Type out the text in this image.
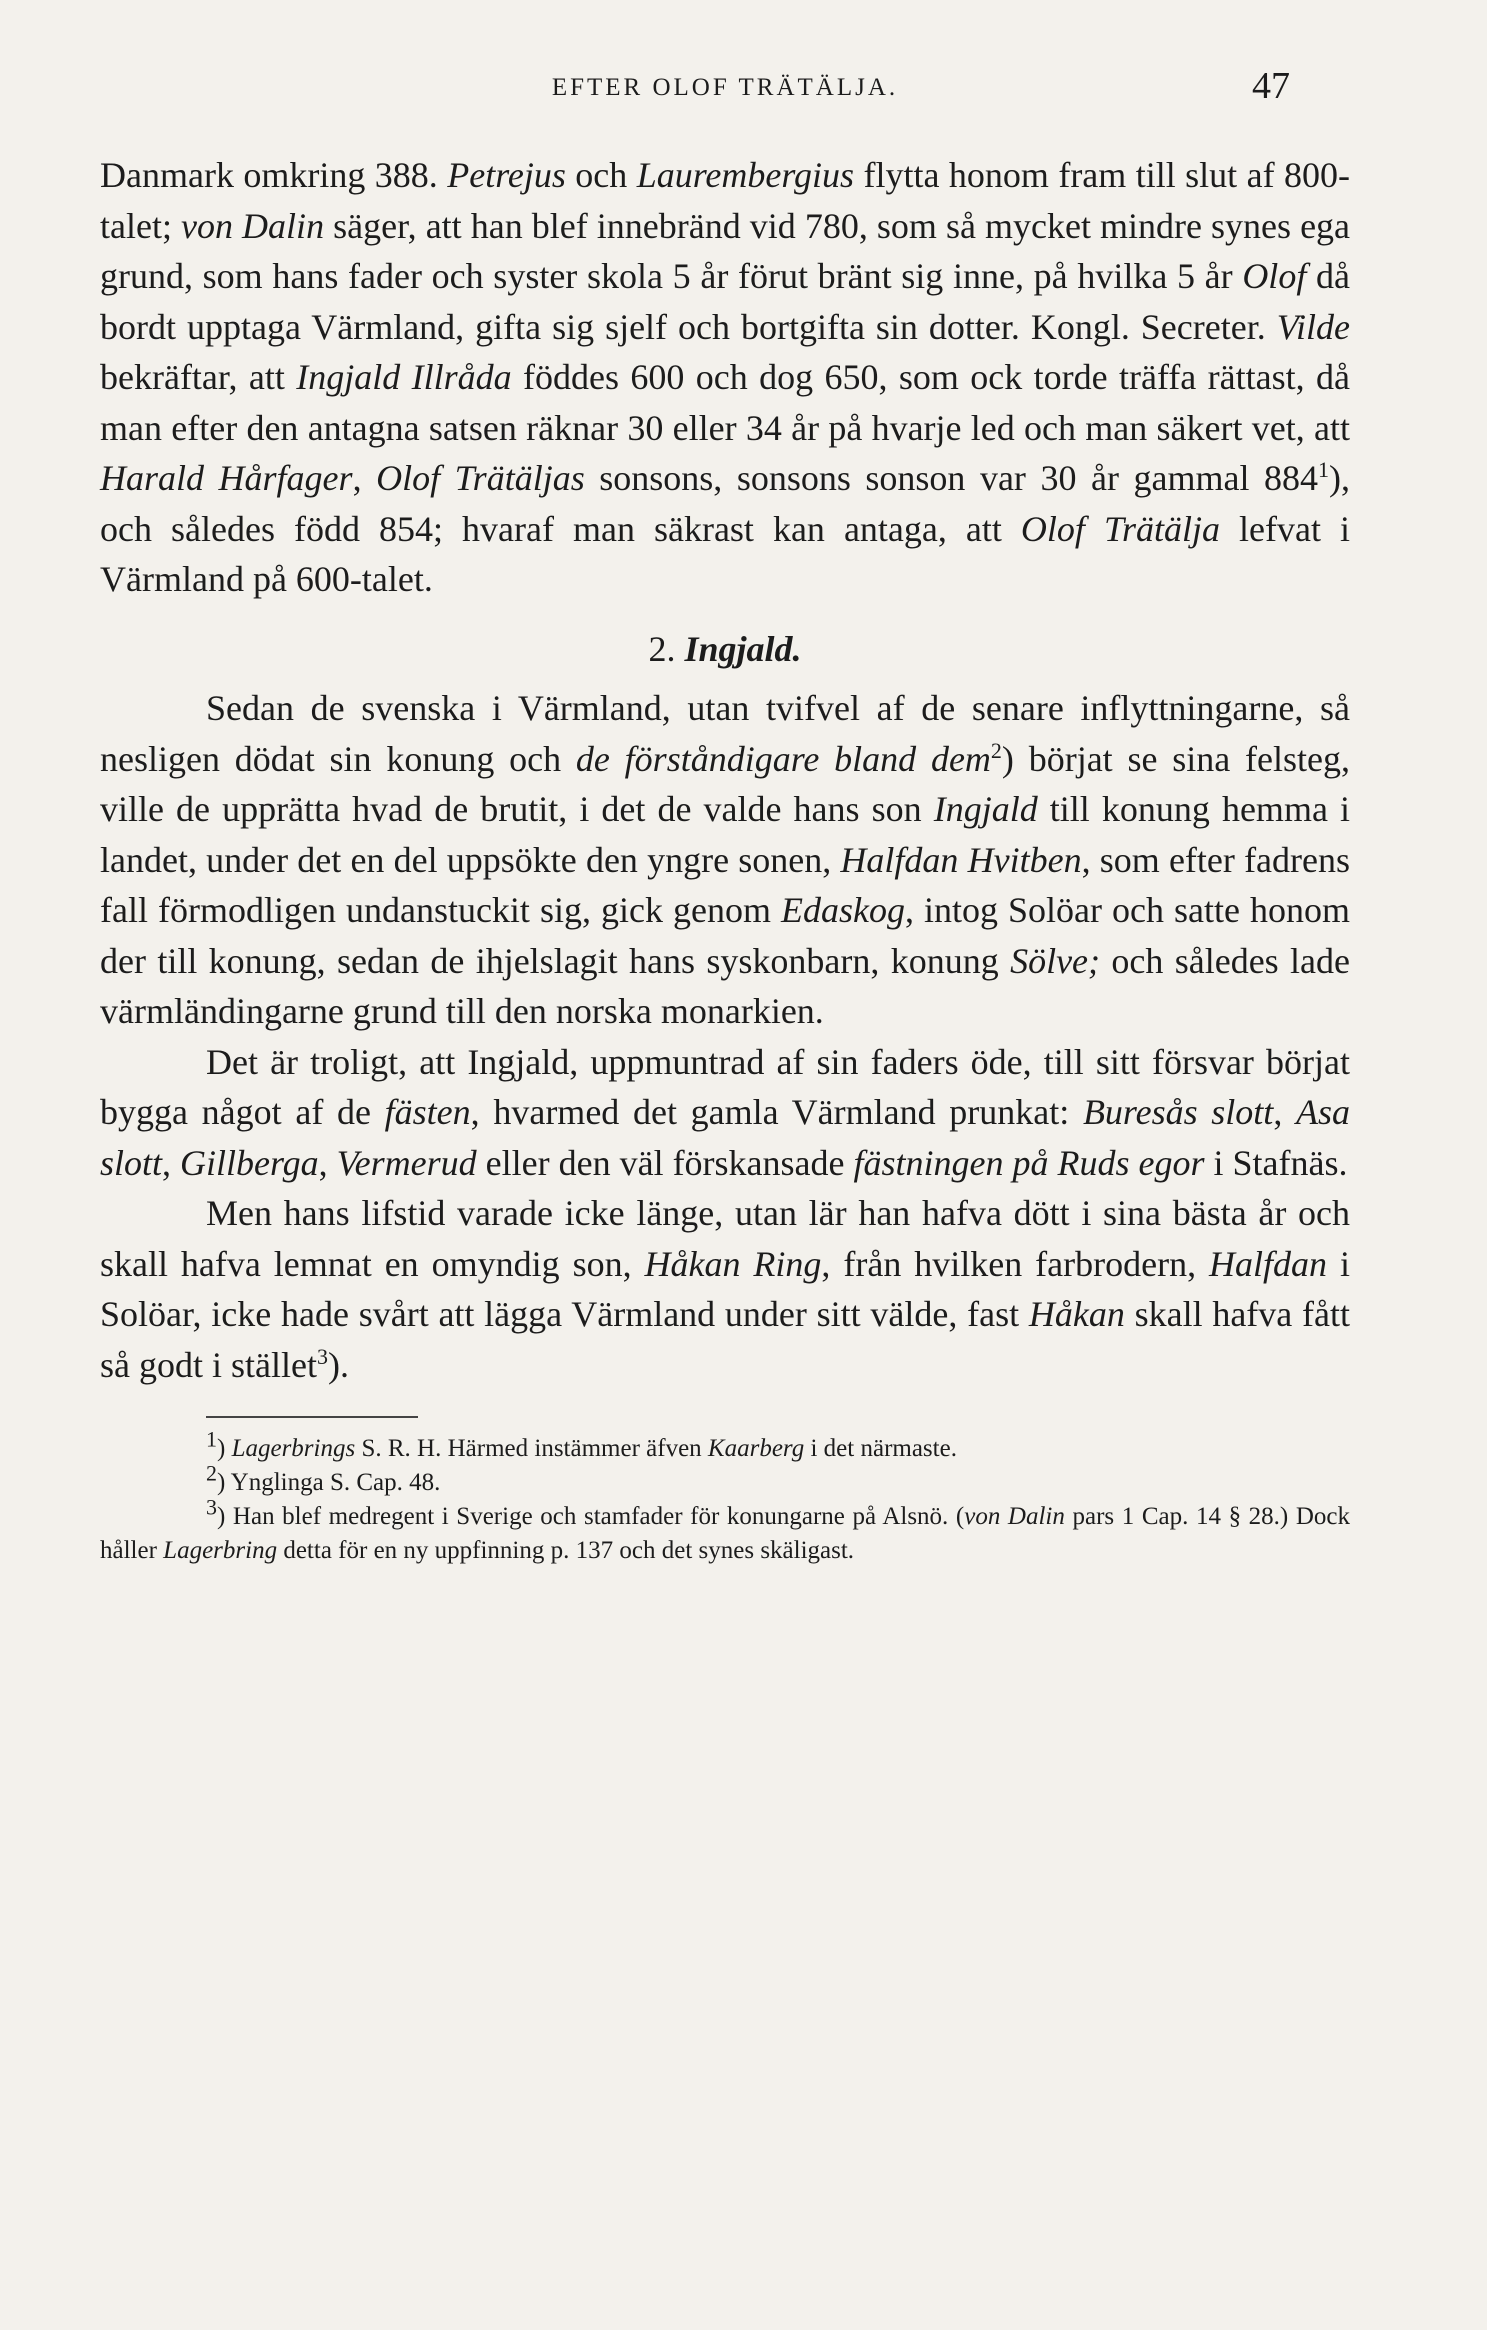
EFTER OLOF TRÄTÄLJA.	47

Danmark omkring 388. Petrejus och Laurembergius flytta honom fram till slut af 800-talet; von Dalin säger, att han blef innebränd vid 780, som så mycket mindre synes ega grund, som hans fader och syster skola 5 år förut bränt sig inne, på hvilka 5 år Olof då bordt upptaga Värmland, gifta sig sjelf och bortgifta sin dotter. Kongl. Secreter. Vilde bekräftar, att Ingjald Illråda föddes 600 och dog 650, som ock torde träffa rättast, då man efter den antagna satsen räknar 30 eller 34 år på hvarje led och man säkert vet, att Harald Hårfager, Olof Trätäljas sonsons, sonsons sonson var 30 år gammal $884^1$), och således född 854; hvaraf man säkrast kan antaga, att Olof Trätälja lefvat i Värmland på 600-talet.

2. Ingjald.

Sedan de svenska i Värmland, utan tvifvel af de senare inflyttningarne, så nesligen dödat sin konung och de förståndigare bland dem$^2$) börjat se sina felsteg, ville de upprätta hvad de brutit, i det de valde hans son Ingjald till konung hemma i landet, under det en del uppsökte den yngre sonen, Halfdan Hvitben, som efter fadrens fall förmodligen undanstuckit sig, gick genom Edaskog, intog Solöar och satte honom der till konung, sedan de ihjelslagit hans syskonbarn, konung Sölve; och således lade värmländingarne grund till den norska monarkien.

Det är troligt, att Ingjald, uppmuntrad af sin faders öde, till sitt försvar börjat bygga något af de fästen, hvarmed det gamla Värmland prunkat: Buresås slott, Asa slott, Gillberga, Vermerud eller den väl förskansade fästningen på Ruds egor i Stafnäs.

Men hans lifstid varade icke länge, utan lär han hafva dött i sina bästa år och skall hafva lemnat en omyndig son, Håkan Ring, från hvilken farbrodern, Halfdan i Solöar, icke hade svårt att lägga Värmland under sitt välde, fast Håkan skall hafva fått så godt i stället$^3$).

$^1$) Lagerbrings S. R. H. Härmed instämmer äfven Kaarberg i det närmaste.

$^2$) Ynglinga S. Cap. 48.

$^3$) Han blef medregent i Sverige och stamfader för konungarne på Alsnö. (von Dalin pars 1 Cap. 14 § 28.) Dock håller Lagerbring detta för en ny uppfinning p. 137 och det synes skäligast.
